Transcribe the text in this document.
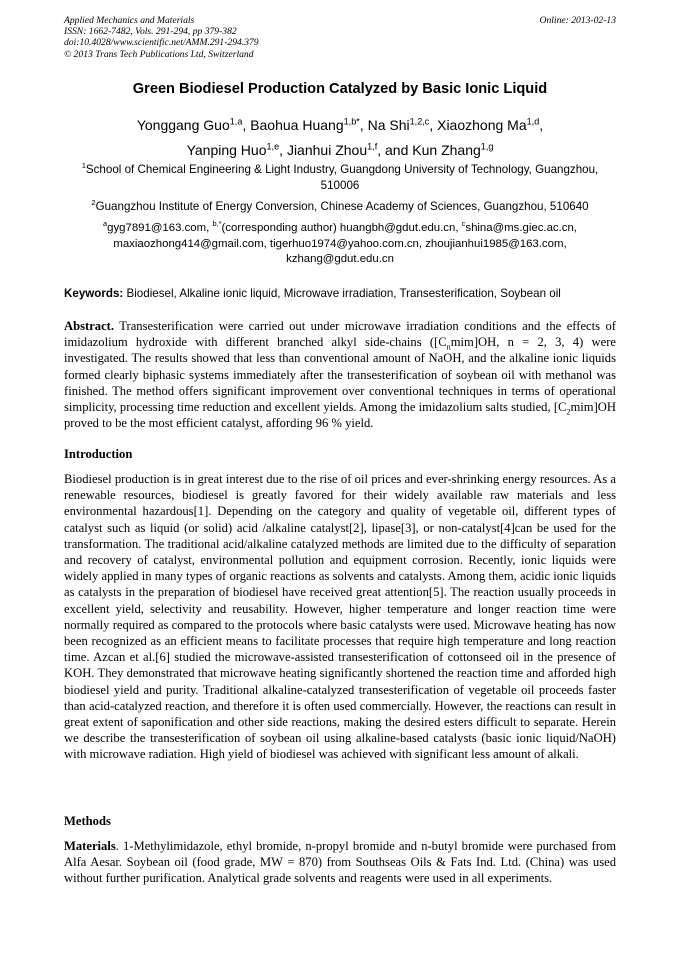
Applied Mechanics and Materials
ISSN: 1662-7482, Vols. 291-294, pp 379-382
doi:10.4028/www.scientific.net/AMM.291-294.379
© 2013 Trans Tech Publications Ltd, Switzerland
Online: 2013-02-13
Green Biodiesel Production Catalyzed by Basic Ionic Liquid
Yonggang Guo$^{1,a}$, Baohua Huang$^{1,b*}$, Na Shi$^{1,2,c}$, Xiaozhong Ma$^{1,d}$,
Yanping Huo$^{1,e}$, Jianhui Zhou$^{1,f}$, and Kun Zhang$^{1,g}$
$^1$School of Chemical Engineering & Light Industry, Guangdong University of Technology, Guangzhou, 510006
$^2$Guangzhou Institute of Energy Conversion, Chinese Academy of Sciences, Guangzhou, 510640
$^a$gyg7891@163.com, $^{b,*}$(corresponding author) huangbh@gdut.edu.cn, $^c$shina@ms.giec.ac.cn,
maxiaozhong414@gmail.com, tigerhuo1974@yahoo.com.cn, zhoujianhui1985@163.com,
kzhang@gdut.edu.cn
Keywords: Biodiesel, Alkaline ionic liquid, Microwave irradiation, Transesterification, Soybean oil
Abstract. Transesterification were carried out under microwave irradiation conditions and the effects of imidazolium hydroxide with different branched alkyl side-chains ($[C_nmim]OH$, n = 2, 3, 4) were investigated. The results showed that less than conventional amount of NaOH, and the alkaline ionic liquids formed clearly biphasic systems immediately after the transesterification of soybean oil with methanol was finished. The method offers significant improvement over conventional techniques in terms of operational simplicity, processing time reduction and excellent yields. Among the imidazolium salts studied, $[C_2mim]OH$ proved to be the most efficient catalyst, affording 96 % yield.
Introduction
Biodiesel production is in great interest due to the rise of oil prices and ever-shrinking energy resources. As a renewable resources, biodiesel is greatly favored for their widely available raw materials and less environmental hazardous[1]. Depending on the category and quality of vegetable oil, different types of catalyst such as liquid (or solid) acid /alkaline catalyst[2], lipase[3], or non-catalyst[4]can be used for the transformation. The traditional acid/alkaline catalyzed methods are limited due to the difficulty of separation and recovery of catalyst, environmental pollution and equipment corrosion. Recently, ionic liquids were widely applied in many types of organic reactions as solvents and catalysts. Among them, acidic ionic liquids as catalysts in the preparation of biodiesel have received great attention[5]. The reaction usually proceeds in excellent yield, selectivity and reusability. However, higher temperature and longer reaction time were normally required as compared to the protocols where basic catalysts were used. Microwave heating has now been recognized as an efficient means to facilitate processes that require high temperature and long reaction time. Azcan et al.[6] studied the microwave-assisted transesterification of cottonseed oil in the presence of KOH. They demonstrated that microwave heating significantly shortened the reaction time and afforded high biodiesel yield and purity. Traditional alkaline-catalyzed transesterification of vegetable oil proceeds faster than acid-catalyzed reaction, and therefore it is often used commercially. However, the reactions can result in great extent of saponification and other side reactions, making the desired esters difficult to separate. Herein we describe the transesterification of soybean oil using alkaline-based catalysts (basic ionic liquid/NaOH) with microwave radiation. High yield of biodiesel was achieved with significant less amount of alkali.
Methods
Materials. 1-Methylimidazole, ethyl bromide, n-propyl bromide and n-butyl bromide were purchased from Alfa Aesar. Soybean oil (food grade, MW = 870) from Southseas Oils & Fats Ind. Ltd. (China) was used without further purification. Analytical grade solvents and reagents were used in all experiments.
